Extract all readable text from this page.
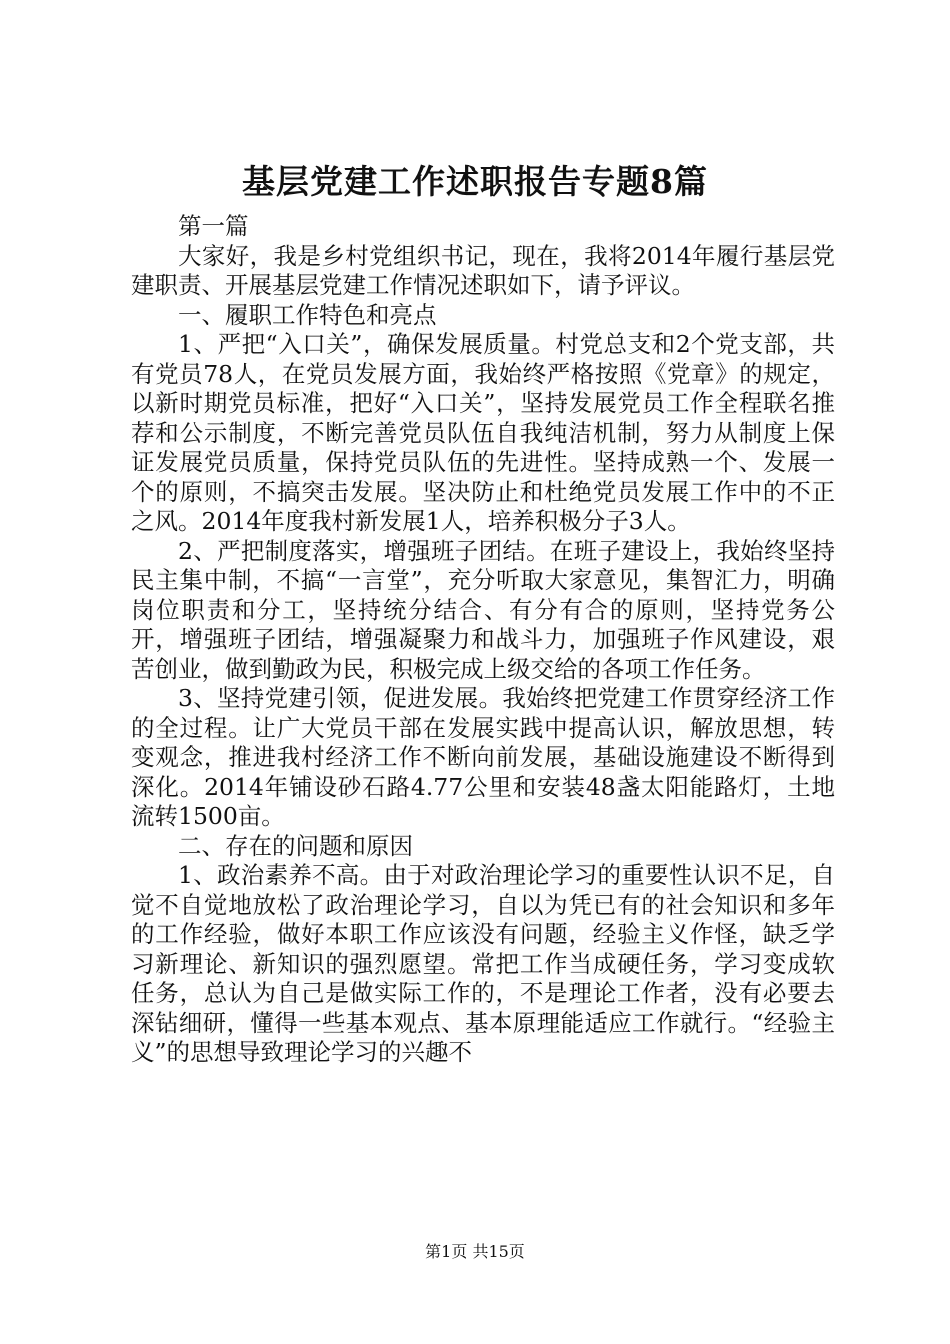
基层党建工作述职报告专题8篇

第一篇

大家好，我是乡村党组织书记，现在，我将2014年履行基层党建职责、开展基层党建工作情况述职如下，请予评议。

一、履职工作特色和亮点

1、严把“入口关”，确保发展质量。村党总支和2个党支部，共有党员78人，在党员发展方面，我始终严格按照《党章》的规定，以新时期党员标准，把好“入口关”，坚持发展党员工作全程联名推荐和公示制度，不断完善党员队伍自我纯洁机制，努力从制度上保证发展党员质量，保持党员队伍的先进性。坚持成熟一个、发展一个的原则，不搞突击发展。坚决防止和杜绝党员发展工作中的不正之风。2014年度我村新发展1人，培养积极分子3人。

2、严把制度落实，增强班子团结。在班子建设上，我始终坚持民主集中制，不搞“一言堂”，充分听取大家意见，集智汇力，明确岗位职责和分工，坚持统分结合、有分有合的原则，坚持党务公开，增强班子团结，增强凝聚力和战斗力，加强班子作风建设，艰苦创业，做到勤政为民，积极完成上级交给的各项工作任务。

3、坚持党建引领，促进发展。我始终把党建工作贯穿经济工作的全过程。让广大党员干部在发展实践中提高认识，解放思想，转变观念，推进我村经济工作不断向前发展，基础设施建设不断得到深化。2014年铺设砂石路4.77公里和安装48盏太阳能路灯，土地流转1500亩。

二、存在的问题和原因

1、政治素养不高。由于对政治理论学习的重要性认识不足，自觉不自觉地放松了政治理论学习，自以为凭已有的社会知识和多年的工作经验，做好本职工作应该没有问题，经验主义作怪，缺乏学习新理论、新知识的强烈愿望。常把工作当成硬任务，学习变成软任务，总认为自己是做实际工作的，不是理论工作者，没有必要去深钻细研，懂得一些基本观点、基本原理能适应工作就行。“经验主义”的思想导致理论学习的兴趣不

第1页 共15页
